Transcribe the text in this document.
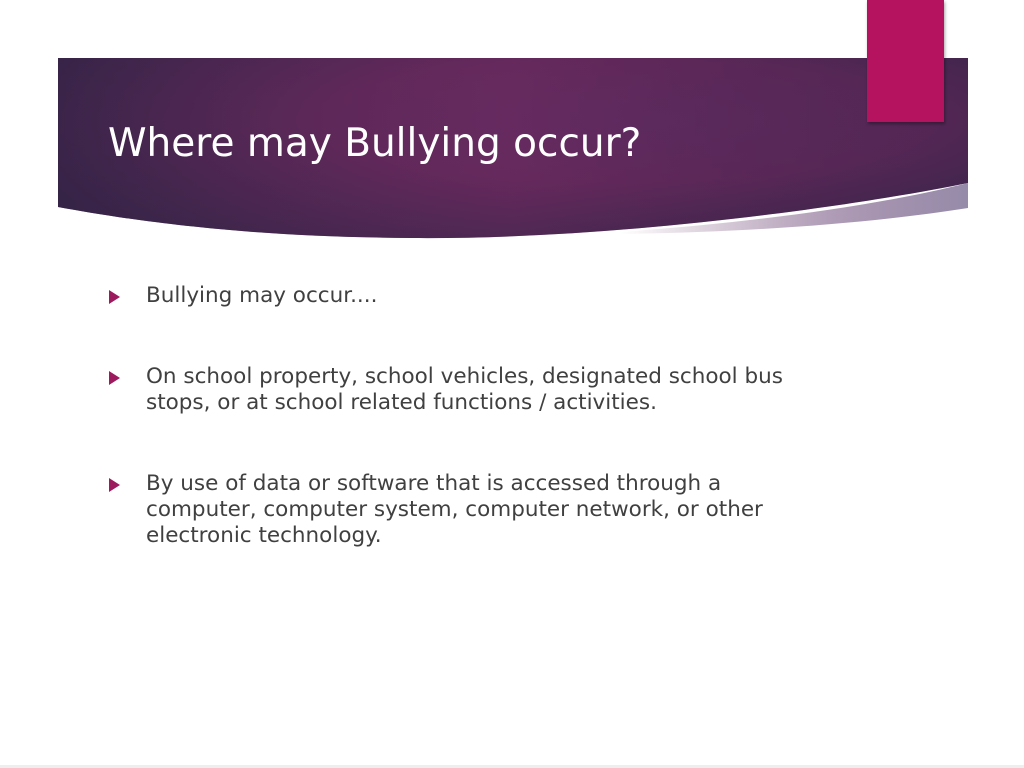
Where may Bullying occur?
Bullying may occur....
On school property, school vehicles, designated school bus stops, or at school related functions / activities.
By use of data or software that is accessed through a computer, computer system, computer network, or other electronic technology.
